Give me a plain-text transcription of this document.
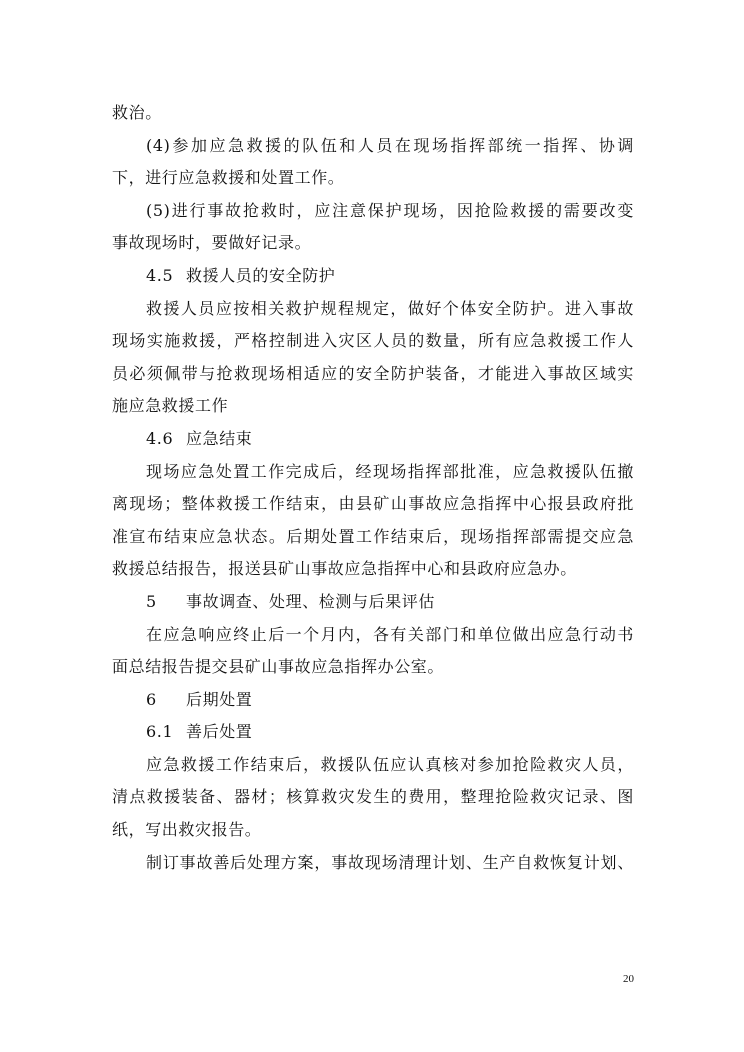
救治。
(4)参加应急救援的队伍和人员在现场指挥部统一指挥、协调
下，进行应急救援和处置工作。
(5)进行事故抢救时，应注意保护现场，因抢险救援的需要改变
事故现场时，要做好记录。
4.5 救援人员的安全防护
救援人员应按相关救护规程规定，做好个体安全防护。进入事故
现场实施救援，严格控制进入灾区人员的数量，所有应急救援工作人
员必须佩带与抢救现场相适应的安全防护装备，才能进入事故区域实
施应急救援工作
4.6 应急结束
现场应急处置工作完成后，经现场指挥部批准，应急救援队伍撤
离现场；整体救援工作结束，由县矿山事故应急指挥中心报县政府批
准宣布结束应急状态。后期处置工作结束后，现场指挥部需提交应急
救援总结报告，报送县矿山事故应急指挥中心和县政府应急办。
5 事故调查、处理、检测与后果评估
在应急响应终止后一个月内，各有关部门和单位做出应急行动书
面总结报告提交县矿山事故应急指挥办公室。
6 后期处置
6.1 善后处置
应急救援工作结束后，救援队伍应认真核对参加抢险救灾人员，
清点救援装备、器材；核算救灾发生的费用，整理抢险救灾记录、图
纸，写出救灾报告。
制订事故善后处理方案，事故现场清理计划、生产自救恢复计划、
20
